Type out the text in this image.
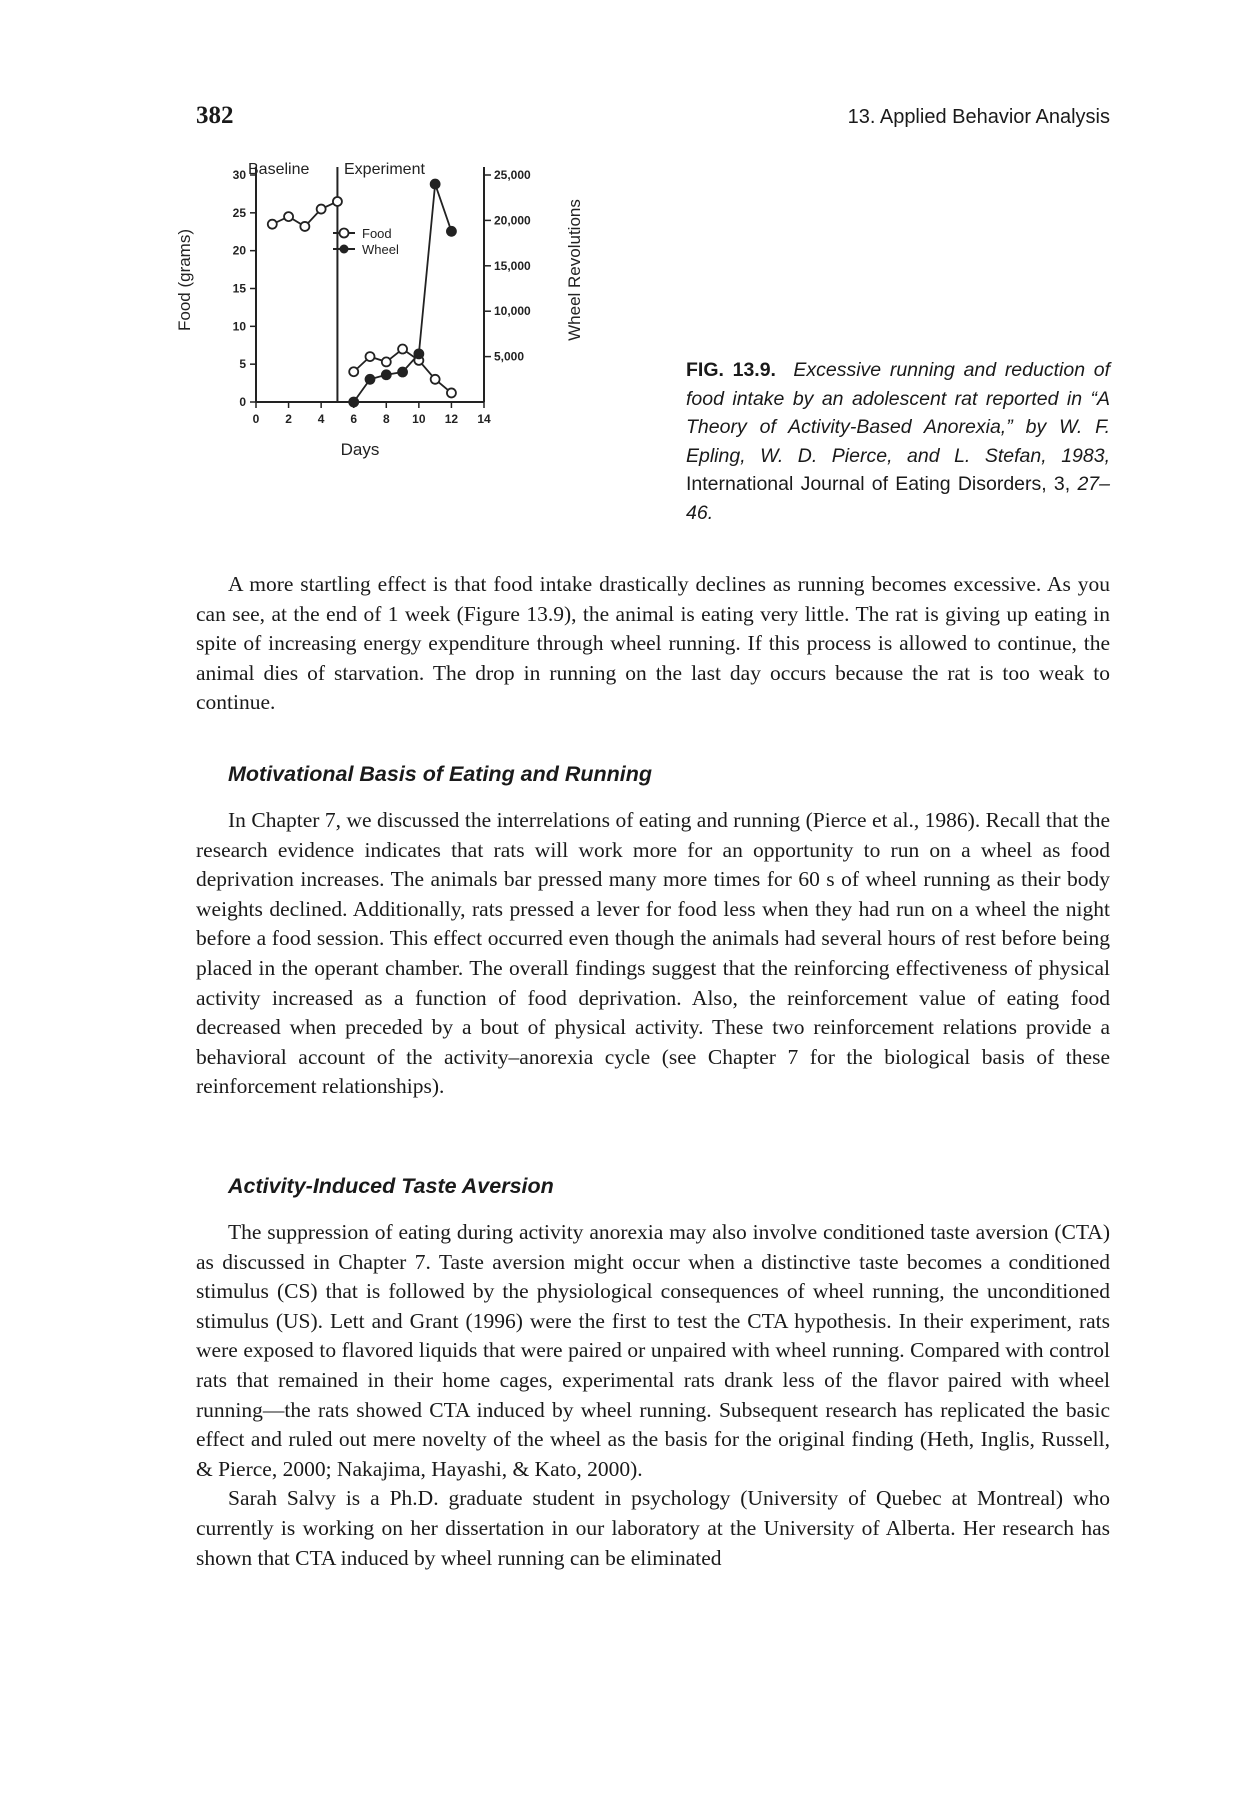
382	13. Applied Behavior Analysis
0 2 4 6 8 10 12 14
0
5
10
15
20
25
30
5,000
10,000
15,000
20,000
25,000
Baseline Experiment
Food
Wheel
Days
Food (grams)	Wheel Revolutions
FIG. 13.9. Excessive running and reduction of food intake by an adolescent rat reported in “A Theory of Activity-Based Anorexia,” by W. F. Epling, W. D. Pierce, and L. Stefan, 1983, International Journal of Eating Disorders, 3, 27–46.

A more startling effect is that food intake drastically declines as running becomes excessive. As you can see, at the end of 1 week (Figure 13.9), the animal is eating very little. The rat is giving up eating in spite of increasing energy expenditure through wheel running. If this process is allowed to continue, the animal dies of starvation. The drop in running on the last day occurs because the rat is too weak to continue.

Motivational Basis of Eating and Running

In Chapter 7, we discussed the interrelations of eating and running (Pierce et al., 1986). Recall that the research evidence indicates that rats will work more for an opportunity to run on a wheel as food deprivation increases. The animals bar pressed many more times for 60 s of wheel running as their body weights declined. Additionally, rats pressed a lever for food less when they had run on a wheel the night before a food session. This effect occurred even though the animals had several hours of rest before being placed in the operant chamber. The overall findings suggest that the reinforcing effectiveness of physical activity increased as a function of food deprivation. Also, the reinforcement value of eating food decreased when preceded by a bout of physical activity. These two reinforcement relations provide a behavioral account of the activity–anorexia cycle (see Chapter 7 for the biological basis of these reinforcement relationships).

Activity-Induced Taste Aversion

The suppression of eating during activity anorexia may also involve conditioned taste aversion (CTA) as discussed in Chapter 7. Taste aversion might occur when a distinctive taste becomes a conditioned stimulus (CS) that is followed by the physiological consequences of wheel running, the unconditioned stimulus (US). Lett and Grant (1996) were the first to test the CTA hypothesis. In their experiment, rats were exposed to flavored liquids that were paired or unpaired with wheel running. Compared with control rats that remained in their home cages, experimental rats drank less of the flavor paired with wheel running—the rats showed CTA induced by wheel running. Subsequent research has replicated the basic effect and ruled out mere novelty of the wheel as the basis for the original finding (Heth, Inglis, Russell, & Pierce, 2000; Nakajima, Hayashi, & Kato, 2000).

Sarah Salvy is a Ph.D. graduate student in psychology (University of Quebec at Montreal) who currently is working on her dissertation in our laboratory at the University of Alberta. Her research has shown that CTA induced by wheel running can be eliminated
